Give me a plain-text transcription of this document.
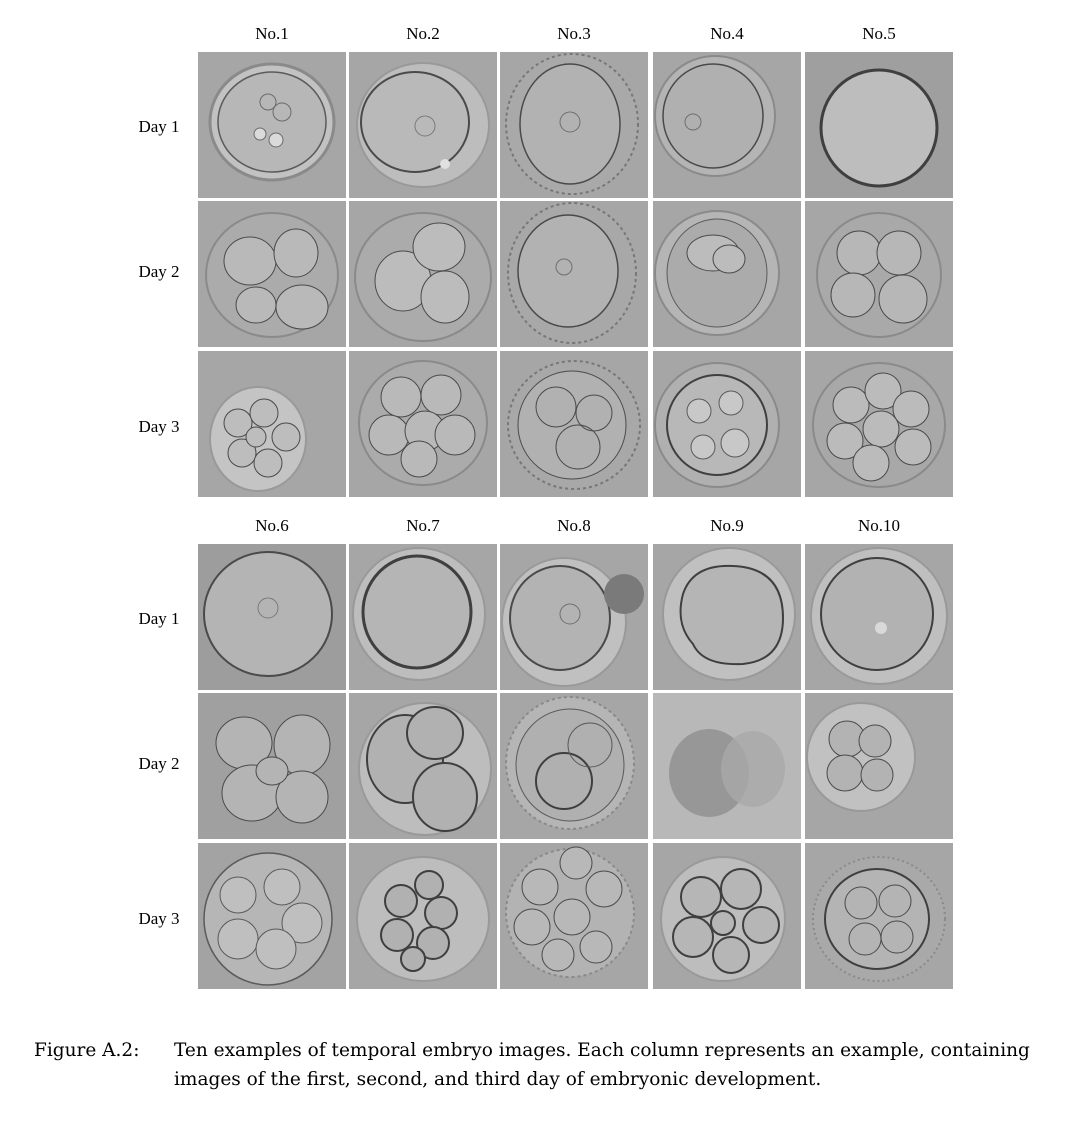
No.1	No.2	No.3	No.4	No.5
Day 1
Day 2
Day 3
No.6	No.7	No.8	No.9	No.10
Day 1
Day 2
Day 3
Figure A.2: Ten examples of temporal embryo images. Each column represents an example, containing images of the first, second, and third day of embryonic development.
